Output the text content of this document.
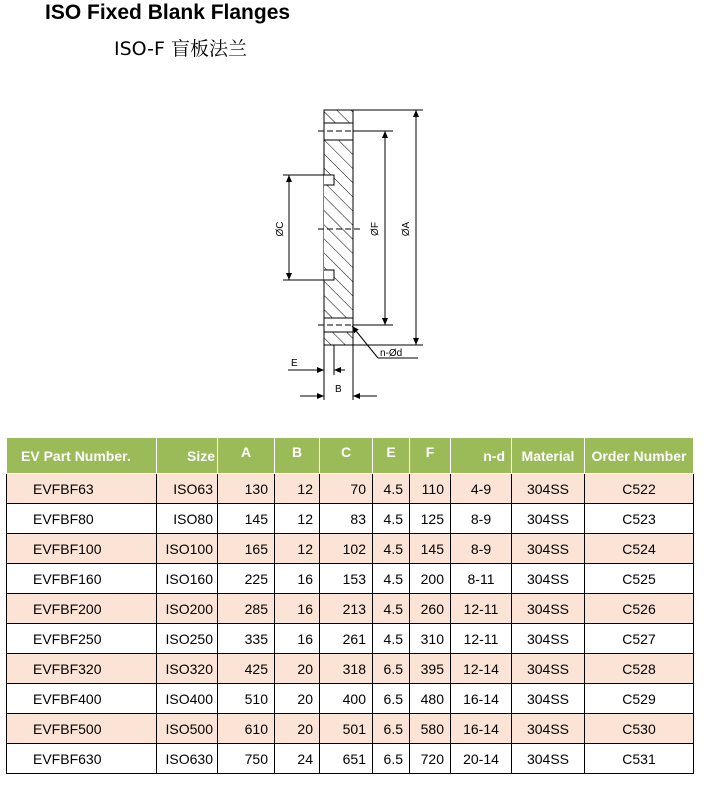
ISO Fixed Blank Flanges
ISO-F 盲板法兰
ØC	ØF ØA
n-Ød
E
B
EV Part Number.	Size	A	B	C	E	F	n-d	Material	Order Number
EVFBF63	ISO63	130	12	70	4.5	110	4-9	304SS	C522
EVFBF80	ISO80	145	12	83	4.5	125	8-9	304SS	C523
EVFBF100	ISO100	165	12	102	4.5	145	8-9	304SS	C524
EVFBF160	ISO160	225	16	153	4.5	200	8-11	304SS	C525
EVFBF200	ISO200	285	16	213	4.5	260	12-11	304SS	C526
EVFBF250	ISO250	335	16	261	4.5	310	12-11	304SS	C527
EVFBF320	ISO320	425	20	318	6.5	395	12-14	304SS	C528
EVFBF400	ISO400	510	20	400	6.5	480	16-14	304SS	C529
EVFBF500	ISO500	610	20	501	6.5	580	16-14	304SS	C530
EVFBF630	ISO630	750	24	651	6.5	720	20-14	304SS	C531
